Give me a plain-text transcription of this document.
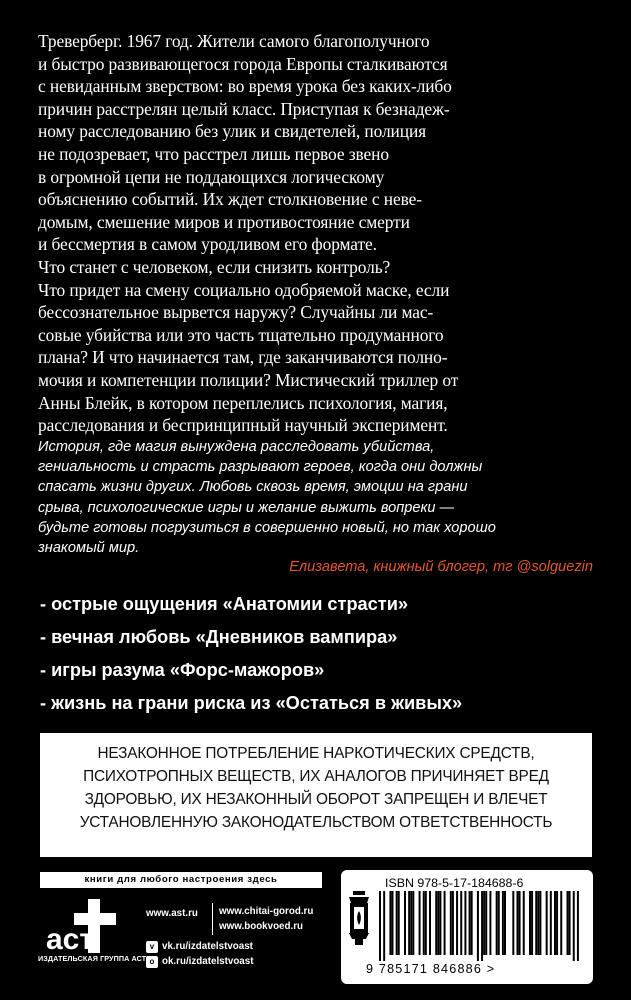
Треверберг. 1967 год. Жители самого благополучного
и быстро развивающегося города Европы сталкиваются
с невиданным зверством: во время урока без каких-либо
причин расстрелян целый класс. Приступая к безнадеж-
ному расследованию без улик и свидетелей, полиция
не подозревает, что расстрел лишь первое звено
в огромной цепи не поддающихся логическому
объяснению событий. Их ждет столкновение с неве-
домым, смешение миров и противостояние смерти
и бессмертия в самом уродливом его формате.
Что станет с человеком, если снизить контроль?
Что придет на смену социально одобряемой маске, если
бессознательное вырвется наружу? Случайны ли мас-
совые убийства или это часть тщательно продуманного
плана? И что начинается там, где заканчиваются полно-
мочия и компетенции полиции? Мистический триллер от
Анны Блейк, в котором переплелись психология, магия,
расследования и беспринципный научный эксперимент.
История, где магия вынуждена расследовать убийства,
гениальность и страсть разрывают героев, когда они должны
спасать жизни других. Любовь сквозь время, эмоции на грани
срыва, психологические игры и желание выжить вопреки —
будьте готовы погрузиться в совершенно новый, но так хорошо
знакомый мир.
Елизавета, книжный блогер, тг @solguezin
- острые ощущения «Анатомии страсти»
- вечная любовь «Дневников вампира»
- игры разума «Форс-мажоров»
- жизнь на грани риска из «Остаться в живых»
НЕЗАКОННОЕ ПОТРЕБЛЕНИЕ НАРКОТИЧЕСКИХ СРЕДСТВ,
ПСИХОТРОПНЫХ ВЕЩЕСТВ, ИХ АНАЛОГОВ ПРИЧИНЯЕТ ВРЕД
ЗДОРОВЬЮ, ИХ НЕЗАКОННЫЙ ОБОРОТ ЗАПРЕЩЕН И ВЛЕЧЕТ
УСТАНОВЛЕННУЮ ЗАКОНОДАТЕЛЬСТВОМ ОТВЕТСТВЕННОСТЬ
книги для любого настроения здесь
аст
ИЗДАТЕЛЬСКАЯ ГРУППА АСТ
www.ast.ru www.chitai-gorod.ru
www.bookvoed.ru
v vk.ru/izdatelstvoast
o ok.ru/izdatelstvoast
ISBN 978-5-17-184688-6
9 785171 846886 >
